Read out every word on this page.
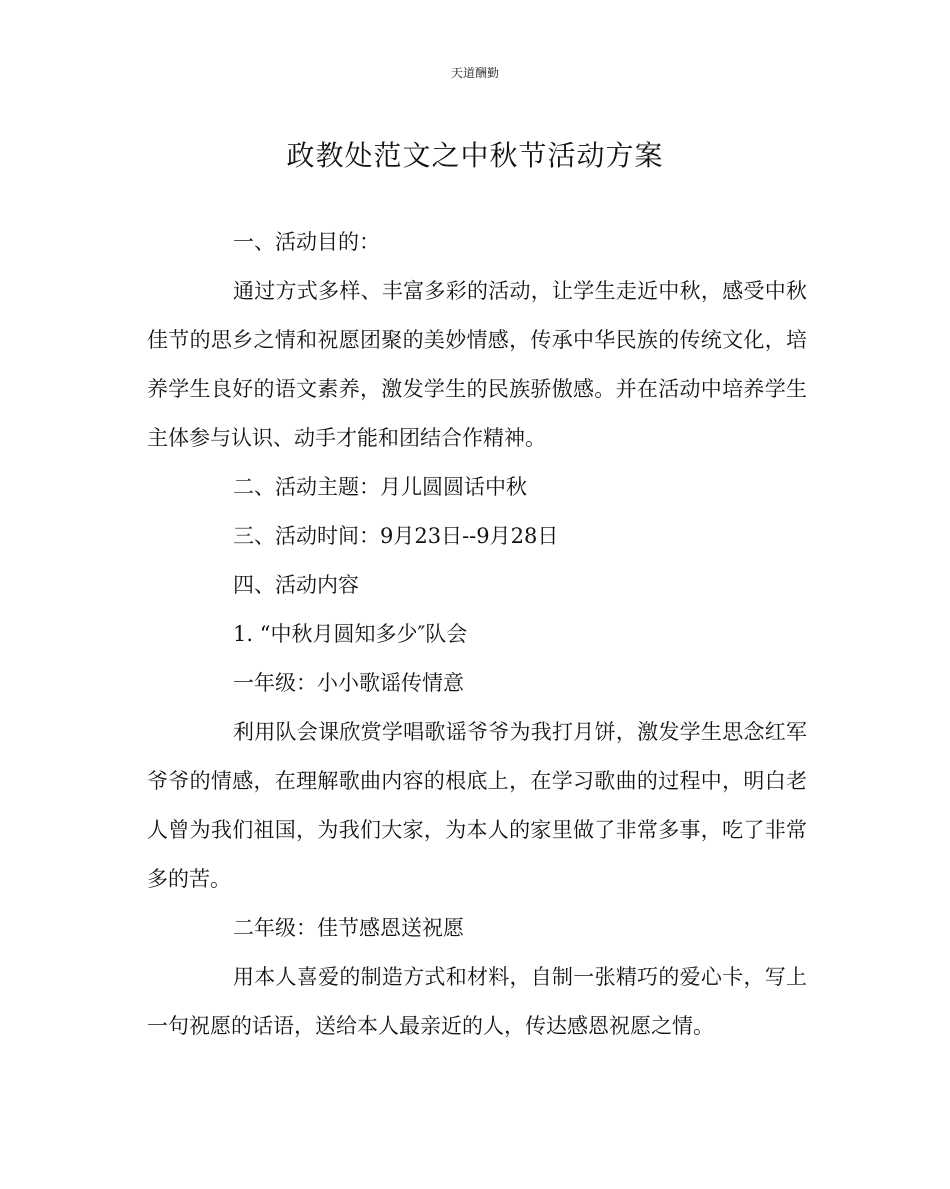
天道酬勤
政教处范文之中秋节活动方案

一、活动目的：

通过方式多样、丰富多彩的活动，让学生走近中秋，感受中秋佳节的思乡之情和祝愿团聚的美妙情感，传承中华民族的传统文化，培养学生良好的语文素养，激发学生的民族骄傲感。并在活动中培养学生主体参与认识、动手才能和团结合作精神。

二、活动主题：月儿圆圆话中秋

三、活动时间：9月23日--9月28日

四、活动内容

1. “中秋月圆知多少″队会

一年级：小小歌谣传情意

利用队会课欣赏学唱歌谣爷爷为我打月饼，激发学生思念红军爷爷的情感，在理解歌曲内容的根底上，在学习歌曲的过程中，明白老人曾为我们祖国，为我们大家，为本人的家里做了非常多事，吃了非常多的苦。

二年级：佳节感恩送祝愿

用本人喜爱的制造方式和材料，自制一张精巧的爱心卡，写上一句祝愿的话语，送给本人最亲近的人，传达感恩祝愿之情。
